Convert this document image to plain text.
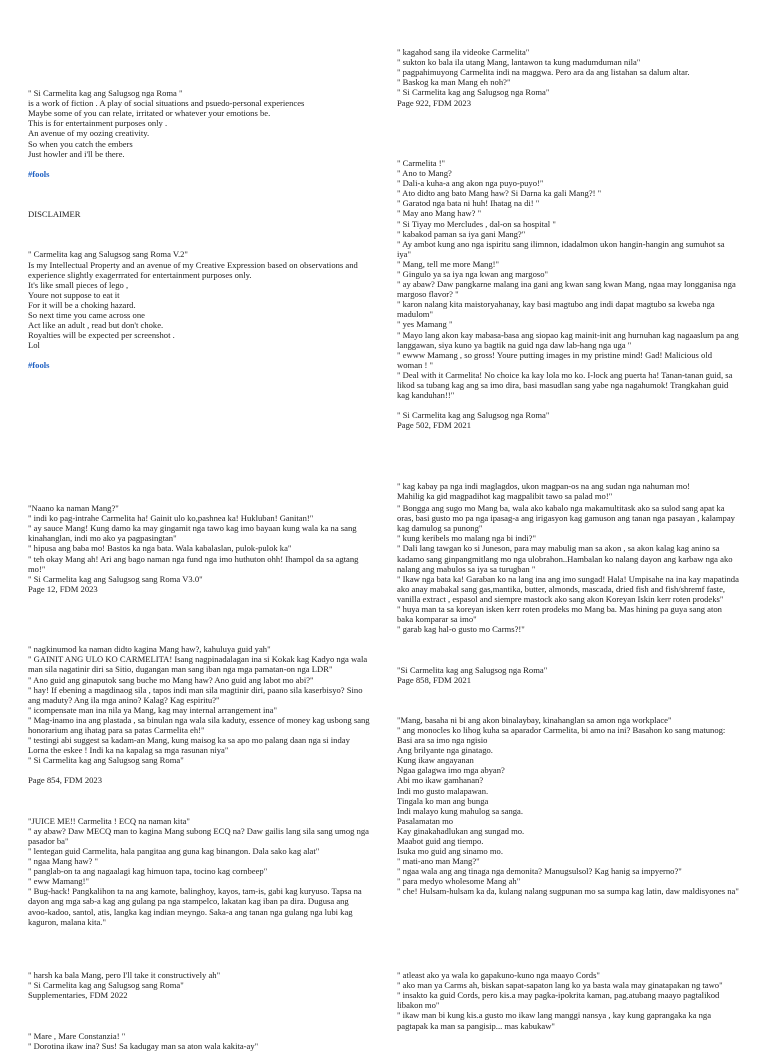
" Si Carmelita kag ang Salugsog nga Roma "
is a work of fiction . A play of social situations and psuedo-personal experiences
Maybe some of you can relate, irritated or whatever your emotions be.
This is for entertainment purposes only .
An avenue of my oozing creativity.
So when you catch the embers
Just howler and i'll be there.

#fools

DISCLAIMER

" Carmelita kag ang Salugsog sang Roma V.2"
Is my Intellectual Property and an avenue of my Creative Expression based on observations and experience slightly exagerrrated for entertainment purposes only.
It's like small pieces of lego ,
Youre not suppose to eat it
For it will be a choking hazard.
So next time you came across one
Act like an adult , read but don't choke.
Royalties will be expected per screenshot .
Lol

#fools

" kagahod sang ila videoke Carmelita"
" sukton ko bala ila utang Mang, lantawon ta kung madumduman nila"
" pagpahimuyong Carmelita indi na maggwa. Pero ara da ang listahan sa dalum altar.
" Baskog ka man Mang eh noh?"
" Si Carmelita kag ang Salugsog nga Roma"
Page 922, FDM 2023

" Carmelita !"
" Ano to Mang?
" Dali-a kuha-a ang akon nga puyo-puyo!"
" Ato didto ang bato Mang haw? Si Darna ka gali Mang?! "
" Garatod nga bata ni huh! Ihatag na di! "
" May ano Mang haw? "
" Si Tiyay mo Mercludes , dal-on sa hospital "
" kabakod paman sa iya gani Mang?"
" Ay ambot kung ano nga ispiritu sang ilimnon, idadalmon ukon hangin-hangin ang sumuhot sa iya"
" Mang, tell me more Mang!"
" Gingulo ya sa iya nga kwan ang margoso"
" ay abaw? Daw pangkarne malang ina gani ang kwan sang kwan Mang, ngaa may longganisa nga margoso flavor? "
" karon nalang kita maistoryahanay, kay basi magtubo ang indi dapat magtubo sa kweba nga madulom"
" yes Mamang "
" Mayo lang akon kay mabasa-basa ang siopao kag mainit-init ang hurnuhan kag nagaaslum pa ang langgawan, siya kuno ya bagtik na guid nga daw lab-hang nga uga "
" ewww Mamang , so gross! Youre putting images in my pristine mind! Gad! Malicious old woman ! "
" Deal with it Carmelita! No choice ka kay lola mo ko. I-lock ang puerta ha! Tanan-tanan guid, sa likod sa tubang kag ang sa imo dira, basi masudlan sang yabe nga nagahumok! Trangkahan guid kag kanduhan!!"

" Si Carmelita kag ang Salugsog nga Roma"
Page 502, FDM 2021

" kag kabay pa nga indi maglagdos, ukon magpan-os na ang sudan nga nahuman mo!
Mahilig ka gid magpadihot kag magpalibit tawo sa palad mo!"

"Naano ka naman Mang?"
" indi ko pag-intrahe Carmelita ha! Gainit ulo ko,pashnea ka! Hukluban! Ganitan!"
" ay sauce Mang! Kung damo ka may gingamit nga tawo kag imo bayaan kung wala ka na sang kinahanglan, indi mo ako ya pagpasingtan"
" hipusa ang baba mo! Bastos ka nga bata. Wala kabalaslan, pulok-pulok ka"
" teh okay Mang ah! Ari ang bago naman nga fund nga imo huthuton ohh! Ihampol da sa agtang mo!"
" Si Carmelita kag ang Salugsog sang Roma V3.0"
Page 12, FDM 2023

" nagkinumod ka naman didto kagina Mang haw?, kahuluya guid yah"
" GAINIT ANG ULO KO CARMELITA! Isang nagpinadalagan ina si Kokak kag Kadyo nga wala man sila nagatinir diri sa Sitio, dugangan man sang iban nga mga pamatan-on nga LDR"
" Ano guid ang ginaputok sang buche mo Mang haw? Ano guid ang labot mo abi?"
" hay! If ebening a magdinaog sila , tapos indi man sila magtinir diri, paano sila kaserbisyo? Sino ang maduty? Ang ila mga anino? Kalag? Kag espiritu?"
" icompensate man ina nila ya Mang, kag may internal arrangement ina"
" Mag-inamo ina ang plastada , sa binulan nga wala sila kaduty, essence of money kag usbong sang honorarium ang ihatag para sa patas Carmelita eh!"
" testingi abi suggest sa kadam-an Mang, kung maisog ka sa apo mo palang daan nga si inday Lorna the eskee ! Indi ka na kapalag sa mga rasunan niya"
" Si Carmelita kag ang Salugsog sang Roma"

Page 854, FDM 2023

"JUICE ME!! Carmelita ! ECQ na naman kita"
" ay abaw? Daw MECQ man to kagina Mang subong ECQ na? Daw gailis lang sila sang umog nga pasador ba"
" lentegan guid Carmelita, hala pangitaa ang guna kag binangon. Dala sako kag alat"
" ngaa Mang haw? "
" panglab-on ta ang nagaalagi kag himuon tapa, tocino kag cornbeep"
" eww Mamang!"
" Bug-hack! Pangkalihon ta na ang kamote, balinghoy, kayos, tam-is, gabi kag kuryuso. Tapsa na dayon ang mga sab-a kag ang gulang pa nga stampelco, lakatan kag iban pa dira. Dugusa ang avoo-kadoo, santol, atis, langka kag indian meyngo. Saka-a ang tanan nga gulang nga lubi kag kaguron, malana kita."

" Bongga ang sugo mo Mang ba, wala ako kabalo nga makamultitask ako sa sulod sang apat ka oras, basi gusto mo pa nga ipasag-a ang irigasyon kag gamuson ang tanan nga pasayan , kalampay kag damulog sa punong"
" kung keribels mo malang nga bi indi?"
" Dali lang tawgan ko si Juneson, para may mabulig man sa akon , sa akon kalag kag anino sa kadamo sang ginpangmitlang mo nga ulobrahon..Hambalan ko nalang dayon ang karbaw nga ako nalang ang mabulos sa iya sa turugban "
" Ikaw nga bata ka! Garaban ko na lang ina ang imo sungad! Hala! Umpisahe na ina kay mapatinda ako anay mabakal sang gas,mantika, butter, almonds, mascada, dried fish and fish/shremf faste, vanilla extract , espasol and siempre mastock ako sang akon Koreyan Iskin kerr roten prodeks"
" huya man ta sa koreyan isken kerr roten prodeks mo Mang ba. Mas hining pa guya sang aton baka komparar sa imo"
" garab kag hal-o gusto mo Carms?!"

"Si Carmelita kag ang Salugsog nga Roma"
Page 858, FDM 2021

"Mang, basaha ni bi ang akon binalaybay, kinahanglan sa amon nga workplace"
" ang monocles ko lihog kuha sa aparador Carmelita, bi amo na ini? Basahon ko sang matunog:
Basi ara sa imo nga ngisio
Ang brilyante nga ginatago.
Kung ikaw angayanan
Ngaa galagwa imo mga abyan?
Abi mo ikaw gamhanan?
Indi mo gusto malapawan.
Tingala ko man ang bunga
Indi malayo kung mahulog sa sanga.
Pasalamatan mo
Kay ginakahadlukan ang sungad mo.
Maabot guid ang tiempo.
Isuka mo guid ang sinamo mo.
" mati-ano man Mang?"
" ngaa wala ang ang tinaga nga demonita? Manugsulsol? Kag hanig sa impyerno?"
" para medyo wholesome Mang ah"
" che! Hulsam-hulsam ka da, kulang nalang sugpunan mo sa sumpa kag latin, daw maldisyones na"

" harsh ka bala Mang, pero I'll take it constructively ah"
" Si Carmelita kag ang Salugsog sang Roma"
Supplementaries, FDM 2022

" Mare , Mare Constanzia! "
" Dorotina ikaw ina? Sus! Sa kadugay man sa aton wala kakita-ay"

" atleast ako ya wala ko gapakuno-kuno nga maayo Cords"
" ako man ya Carms ah, biskan sapat-sapaton lang ko ya basta wala may ginatapakan ng tawo"
" insakto ka guid Cords, pero kis.a may pagka-ipokrita kaman, pag.atubang maayo pagtalikod libakon mo"
" ikaw man bi kung kis.a gusto mo ikaw lang manggi nansya , kay kung gaprangaka ka nga pagtapak ka man sa pangisip... mas kabukaw"
